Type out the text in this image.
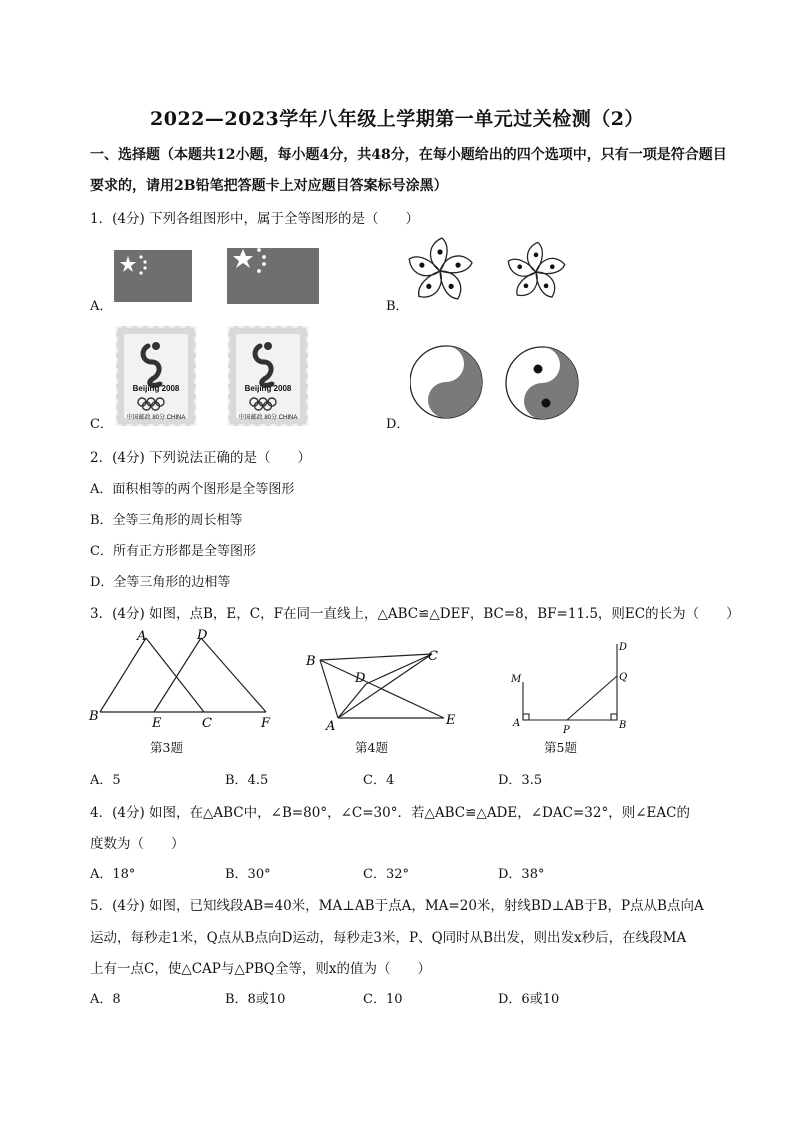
2022—2023学年八年级上学期第一单元过关检测（2）
一、选择题（本题共12小题，每小题4分，共48分，在每小题给出的四个选项中，只有一项是符合题目
要求的，请用2B铅笔把答题卡上对应题目答案标号涂黑）
1．(4分) 下列各组图形中，属于全等图形的是（　　）
A．	B．
C．
Beijing 2008
中国邮政 80分 CHINA
Beijing 2008
中国邮政 80分 CHINA	D．
2．(4分) 下列说法正确的是（　　）
A．面积相等的两个图形是全等图形
B．全等三角形的周长相等
C．所有正方形都是全等图形
D．全等三角形的边相等
3．(4分) 如图，点B，E，C，F在同一直线上，△ABC≌△DEF，BC=8，BF=11.5，则EC的长为（　　）
A	D
B	E	C	F
第3题
B	C
D
A	E
第4题
M
A
P	B
Q
D
第5题
A．5	B．4.5	C．4	D．3.5
4．(4分) 如图，在△ABC中，∠B=80°，∠C=30°．若△ABC≌△ADE，∠DAC=32°，则∠EAC的
度数为（　　）
A．18°	B．30°	C．32°	D．38°
5．(4分) 如图，已知线段AB=40米，MA⊥AB于点A，MA=20米，射线BD⊥AB于B，P点从B点向A
运动，每秒走1米，Q点从B点向D运动，每秒走3米，P、Q同时从B出发，则出发x秒后，在线段MA
上有一点C，使△CAP与△PBQ全等，则x的值为（　　）
A．8	B．8或10	C．10	D．6或10
